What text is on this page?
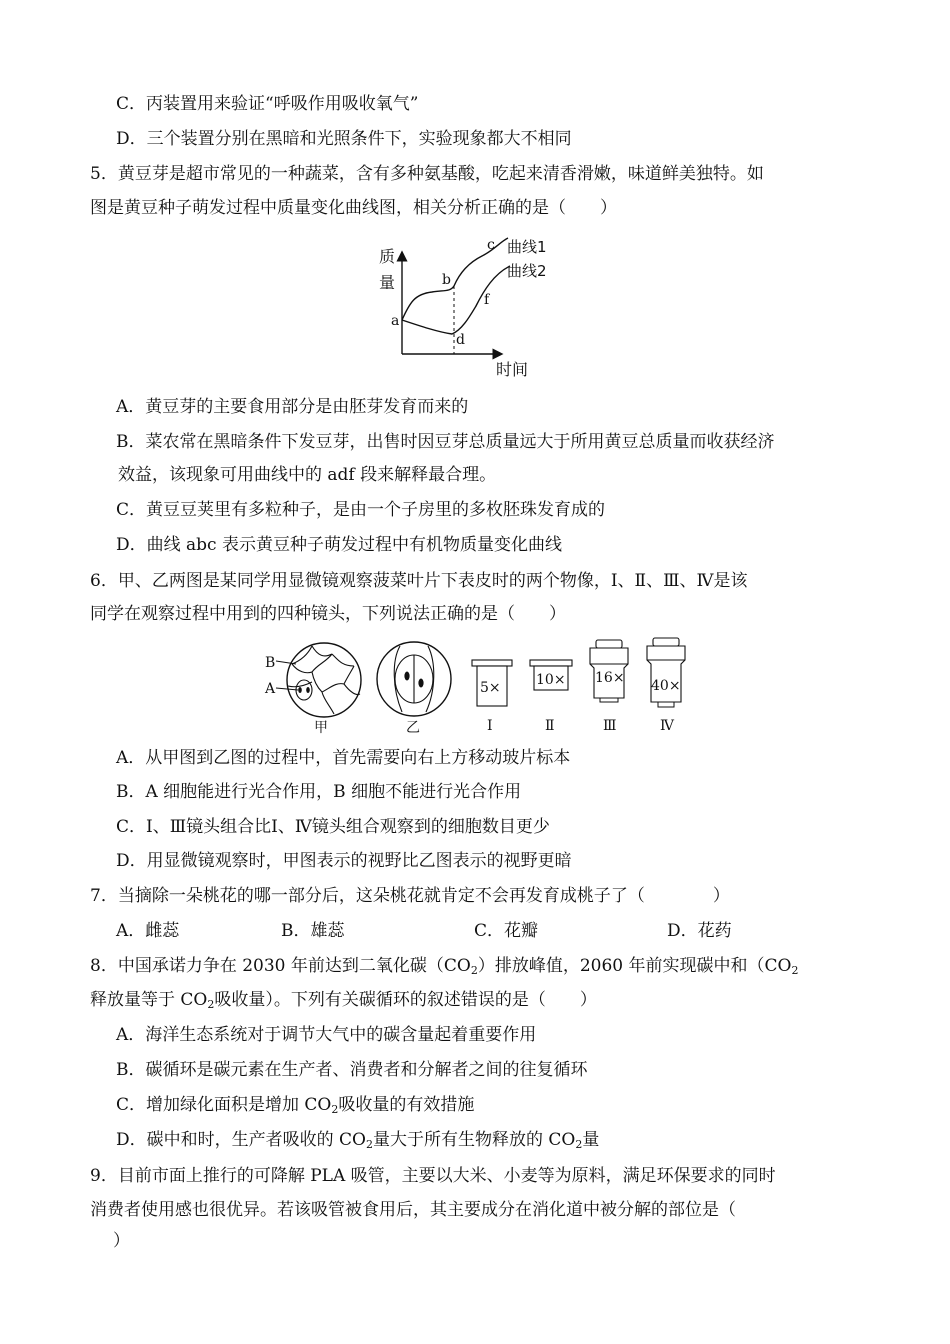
C．丙装置用来验证“呼吸作用吸收氧气”
D．三个装置分别在黑暗和光照条件下，实验现象都大不相同
5．黄豆芽是超市常见的一种蔬菜，含有多种氨基酸，吃起来清香滑嫩，味道鲜美独特。如
图是黄豆种子萌发过程中质量变化曲线图，相关分析正确的是（　　）
质
量
时间
a
b
c
d
f
曲线1
曲线2
A．黄豆芽的主要食用部分是由胚芽发育而来的
B．菜农常在黑暗条件下发豆芽，出售时因豆芽总质量远大于所用黄豆总质量而收获经济
效益，该现象可用曲线中的 adf 段来解释最合理。
C．黄豆豆荚里有多粒种子，是由一个子房里的多枚胚珠发育成的
D．曲线 abc 表示黄豆种子萌发过程中有机物质量变化曲线
6．甲、乙两图是某同学用显微镜观察菠菜叶片下表皮时的两个物像，Ⅰ、Ⅱ、Ⅲ、Ⅳ是该
同学在观察过程中用到的四种镜头，下列说法正确的是（　　）
B
A
甲	乙
5×
Ⅰ
10×
Ⅱ
16×
Ⅲ
40×
Ⅳ
A．从甲图到乙图的过程中，首先需要向右上方移动玻片标本
B．A 细胞能进行光合作用，B 细胞不能进行光合作用
C．Ⅰ、Ⅲ镜头组合比Ⅰ、Ⅳ镜头组合观察到的细胞数目更少
D．用显微镜观察时，甲图表示的视野比乙图表示的视野更暗
7．当摘除一朵桃花的哪一部分后，这朵桃花就肯定不会再发育成桃子了（　　　　）
A．雌蕊	B．雄蕊	C．花瓣	D．花药
8．中国承诺力争在 2030 年前达到二氧化碳$(CO_2)$排放峰值，2060 年前实现碳中和（$CO_2$
释放量等于 $CO_2$吸收量）。下列有关碳循环的叙述错误的是（　　）
A．海洋生态系统对于调节大气中的碳含量起着重要作用
B．碳循环是碳元素在生产者、消费者和分解者之间的往复循环
C．增加绿化面积是增加 $CO_2$吸收量的有效措施
D．碳中和时，生产者吸收的 $CO_2$量大于所有生物释放的 $CO_2$量
9．目前市面上推行的可降解 PLA 吸管，主要以大米、小麦等为原料，满足环保要求的同时
消费者使用感也很优异。若该吸管被食用后，其主要成分在消化道中被分解的部位是（
）
